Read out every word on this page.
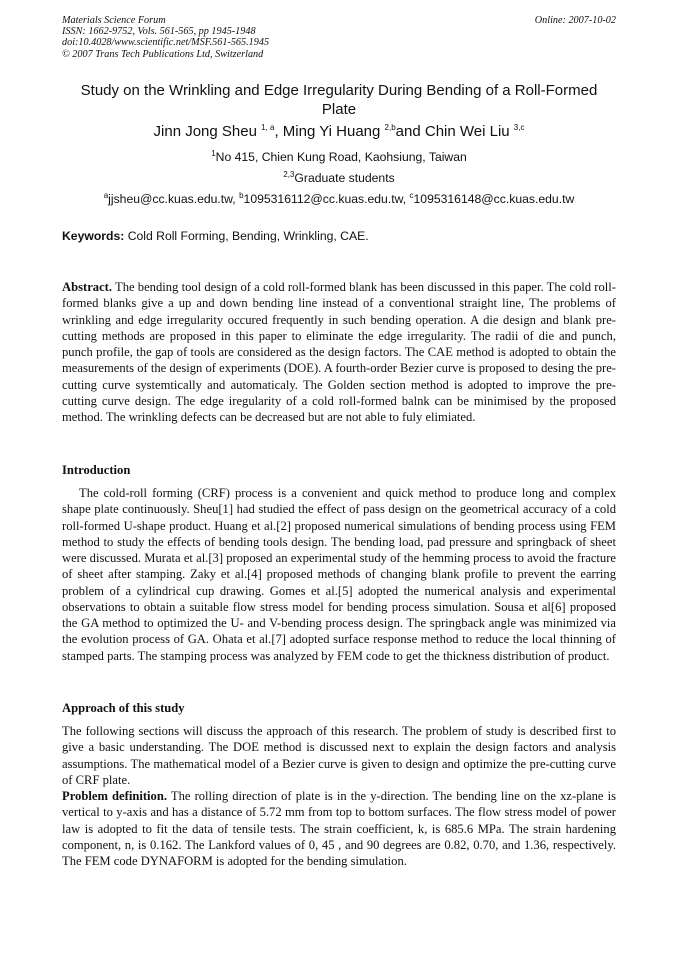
Materials Science Forum	Online: 2007-10-02
ISSN: 1662-9752, Vols. 561-565, pp 1945-1948
doi:10.4028/www.scientific.net/MSF.561-565.1945
© 2007 Trans Tech Publications Ltd, Switzerland
Study on the Wrinkling and Edge Irregularity During Bending of a Roll-Formed Plate
Jinn Jong Sheu $^{1, a}$, Ming Yi Huang $^{2,b}$and Chin Wei Liu $^{3,c}$
$^1$No 415, Chien Kung Road, Kaohsiung, Taiwan
$^{2,3}$Graduate students
$^a$jjsheu@cc.kuas.edu.tw, $^b$1095316112@cc.kuas.edu.tw, $^c$1095316148@cc.kuas.edu.tw
Keywords: Cold Roll Forming, Bending, Wrinkling, CAE.
Abstract. The bending tool design of a cold roll-formed blank has been discussed in this paper. The cold roll-formed blanks give a up and down bending line instead of a conventional straight line, The problems of wrinkling and edge irregularity occured frequently in such bending operation. A die design and blank pre-cutting methods are proposed in this paper to eliminate the edge irregularity. The radii of die and punch, punch profile, the gap of tools are considered as the design factors. The CAE method is adopted to obtain the measurements of the design of experiments (DOE). A fourth-order Bezier curve is proposed to desing the pre-cutting curve systemtically and automaticaly. The Golden section method is adopted to improve the pre-cutting curve design. The edge iregularity of a cold roll-formed balnk can be minimised by the proposed method. The wrinkling defects can be decreased but are not able to fuly elimiated.
Introduction
The cold-roll forming (CRF) process is a convenient and quick method to produce long and complex shape plate continuously. Sheu[1] had studied the effect of pass design on the geometrical accuracy of a cold roll-formed U-shape product. Huang et al.[2] proposed numerical simulations of bending process using FEM method to study the effects of bending tools design. The bending load, pad pressure and springback of sheet were discussed. Murata et al.[3] proposed an experimental study of the hemming process to avoid the fracture of sheet after stamping. Zaky et al.[4] proposed methods of changing blank profile to prevent the earring problem of a cylindrical cup drawing. Gomes et al.[5] adopted the numerical analysis and experimental observations to obtain a suitable flow stress model for bending process simulation. Sousa et al[6] proposed the GA method to optimized the U- and V-bending process design. The springback angle was minimized via the evolution process of GA. Ohata et al.[7] adopted surface response method to reduce the local thinning of stamped parts. The stamping process was analyzed by FEM code to get the thickness distribution of product.
Approach of this study
The following sections will discuss the approach of this research. The problem of study is described first to give a basic understanding. The DOE method is discussed next to explain the design factors and analysis assumptions. The mathematical model of a Bezier curve is given to design and optimize the pre-cutting curve of CRF plate.
Problem definition. The rolling direction of plate is in the y-direction. The bending line on the xz-plane is vertical to y-axis and has a distance of 5.72 mm from top to bottom surfaces. The flow stress model of power law is adopted to fit the data of tensile tests. The strain coefficient, k, is 685.6 MPa. The strain hardening component, n, is 0.162. The Lankford values of 0, 45 , and 90 degrees are 0.82, 0.70, and 1.36, respectively. The FEM code DYNAFORM is adopted for the bending simulation.
